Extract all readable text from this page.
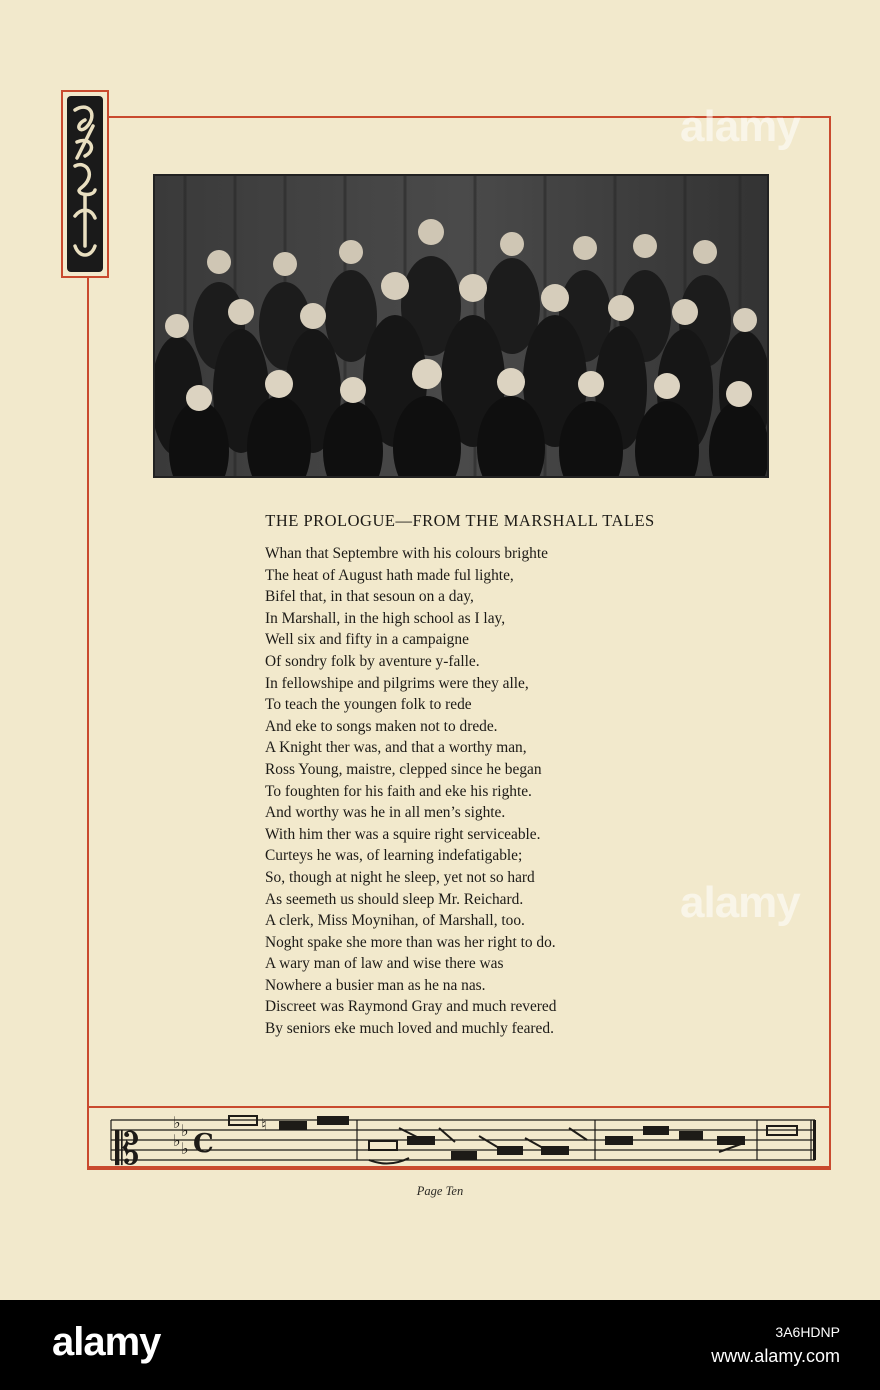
THE PROLOGUE—FROM THE MARSHALL TALES
Whan that Septembre with his colours brighte
The heat of August hath made ful lighte,
Bifel that, in that sesoun on a day,
In Marshall, in the high school as I lay,
Well six and fifty in a campaigne
Of sondry folk by aventure y-falle.
In fellowshipe and pilgrims were they alle,
To teach the youngen folk to rede
And eke to songs maken not to drede.
A Knight ther was, and that a worthy man,
Ross Young, maistre, clepped since he began
To foughten for his faith and eke his righte.
And worthy was he in all men’s sighte.
With him ther was a squire right serviceable.
Curteys he was, of learning indefatigable;
So, though at night he sleep, yet not so hard
As seemeth us should sleep Mr. Reichard.
A clerk, Miss Moynihan, of Marshall, too.
Noght spake she more than was her right to do.
A wary man of law and wise there was
Nowhere a busier man as he na nas.
Discreet was Raymond Gray and much revered
By seniors eke much loved and muchly feared.
𝄡
♭ ♭
♭ ♭ C
♮
Page Ten
alamy
alamy
alamy	3A6HDNP
www.alamy.com
